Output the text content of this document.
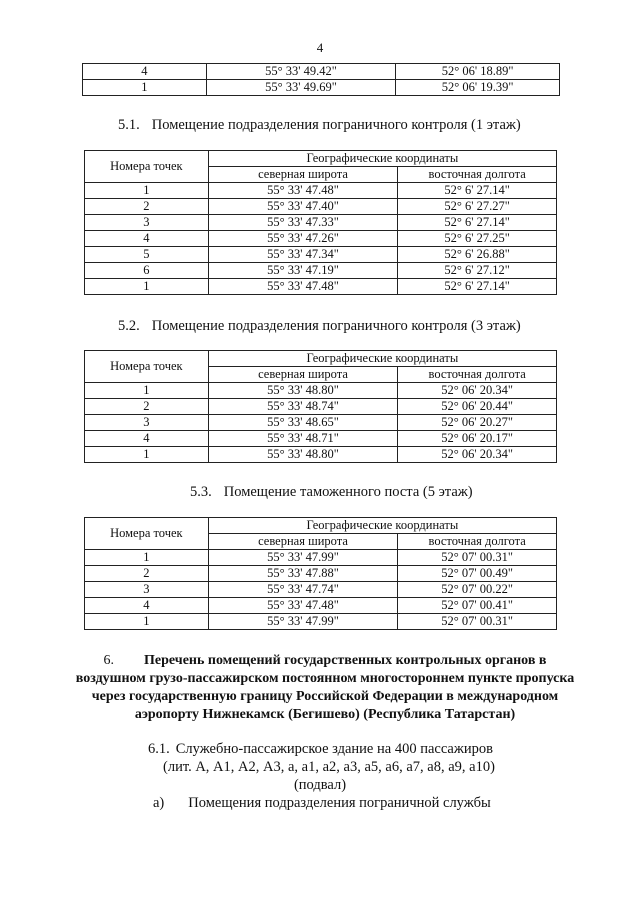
4
4	55° 33' 49.42"	52° 06' 18.89"
1	55° 33' 49.69"	52° 06' 19.39"
5.1. Помещение подразделения пограничного контроля (1 этаж)
Номера точек	Географические координаты	
	северная широта	восточная долгота
1	55° 33' 47.48"	52° 6' 27.14"
2	55° 33' 47.40"	52° 6' 27.27"
3	55° 33' 47.33"	52° 6' 27.14"
4	55° 33' 47.26"	52° 6' 27.25"
5	55° 33' 47.34"	52° 6' 26.88"
6	55° 33' 47.19"	52° 6' 27.12"
1	55° 33' 47.48"	52° 6' 27.14"
5.2. Помещение подразделения пограничного контроля (3 этаж)
Номера точек	Географические координаты	
	северная широта	восточная долгота
1	55° 33' 48.80"	52° 06' 20.34"
2	55° 33' 48.74"	52° 06' 20.44"
3	55° 33' 48.65"	52° 06' 20.27"
4	55° 33' 48.71"	52° 06' 20.17"
1	55° 33' 48.80"	52° 06' 20.34"
5.3. Помещение таможенного поста (5 этаж)
Номера точек	Географические координаты	
	северная широта	восточная долгота
1	55° 33' 47.99"	52° 07' 00.31"
2	55° 33' 47.88"	52° 07' 00.49"
3	55° 33' 47.74"	52° 07' 00.22"
4	55° 33' 47.48"	52° 07' 00.41"
1	55° 33' 47.99"	52° 07' 00.31"
6. Перечень помещений государственных контрольных органов в
воздушном грузо-пассажирском постоянном многостороннем пункте пропуска
через государственную границу Российской Федерации в международном
аэропорту Нижнекамск (Бегишево) (Республика Татарстан)
6.1. Служебно-пассажирское здание на 400 пассажиров
(лит. А, А1, А2, А3, а, а1, а2, а3, а5, а6, а7, а8, а9, а10)
(подвал)
а) Помещения подразделения пограничной службы
